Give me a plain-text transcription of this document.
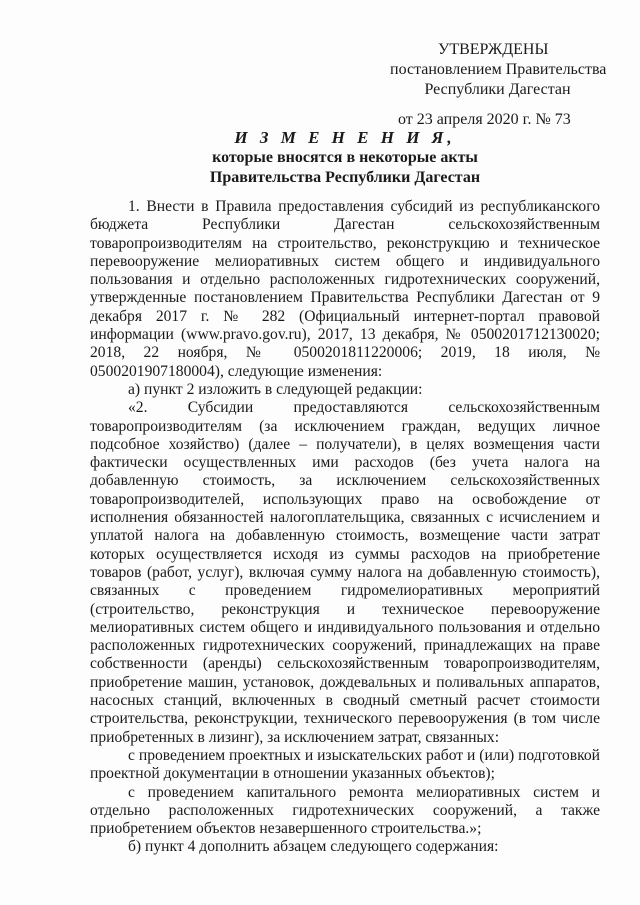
УТВЕРЖДЕНЫ
постановлением Правительства
Республики Дагестан
от 23 апреля 2020 г. № 73
И З М Е Н Е Н И Я,
которые вносятся в некоторые акты
Правительства Республики Дагестан

1. Внести в Правила предоставления субсидий из республиканского бюджета Республики Дагестан сельскохозяйственным товаропроизводителям на строительство, реконструкцию и техническое перевооружение мелиоративных систем общего и индивидуального пользования и отдельно расположенных гидротехнических сооружений, утвержденные постановлением Правительства Республики Дагестан от 9 декабря 2017 г. № 282 (Официальный интернет-портал правовой информации (www.pravo.gov.ru), 2017, 13 декабря, № 0500201712130020; 2018, 22 ноября, № 0500201811220006; 2019, 18 июля, № 0500201907180004), следующие изменения:

а) пункт 2 изложить в следующей редакции:

«2. Субсидии предоставляются сельскохозяйственным товаропроизводителям (за исключением граждан, ведущих личное подсобное хозяйство) (далее – получатели), в целях возмещения части фактически осуществленных ими расходов (без учета налога на добавленную стоимость, за исключением сельскохозяйственных товаропроизводителей, использующих право на освобождение от исполнения обязанностей налогоплательщика, связанных с исчислением и уплатой налога на добавленную стоимость, возмещение части затрат которых осуществляется исходя из суммы расходов на приобретение товаров (работ, услуг), включая сумму налога на добавленную стоимость), связанных с проведением гидромелиоративных мероприятий (строительство, реконструкция и техническое перевооружение мелиоративных систем общего и индивидуального пользования и отдельно расположенных гидротехнических сооружений, принадлежащих на праве собственности (аренды) сельскохозяйственным товаропроизводителям, приобретение машин, установок, дождевальных и поливальных аппаратов, насосных станций, включенных в сводный сметный расчет стоимости строительства, реконструкции, технического перевооружения (в том числе приобретенных в лизинг), за исключением затрат, связанных:

с проведением проектных и изыскательских работ и (или) подготовкой проектной документации в отношении указанных объектов);

с проведением капитального ремонта мелиоративных систем и отдельно расположенных гидротехнических сооружений, а также приобретением объектов незавершенного строительства.»;

б) пункт 4 дополнить абзацем следующего содержания:
